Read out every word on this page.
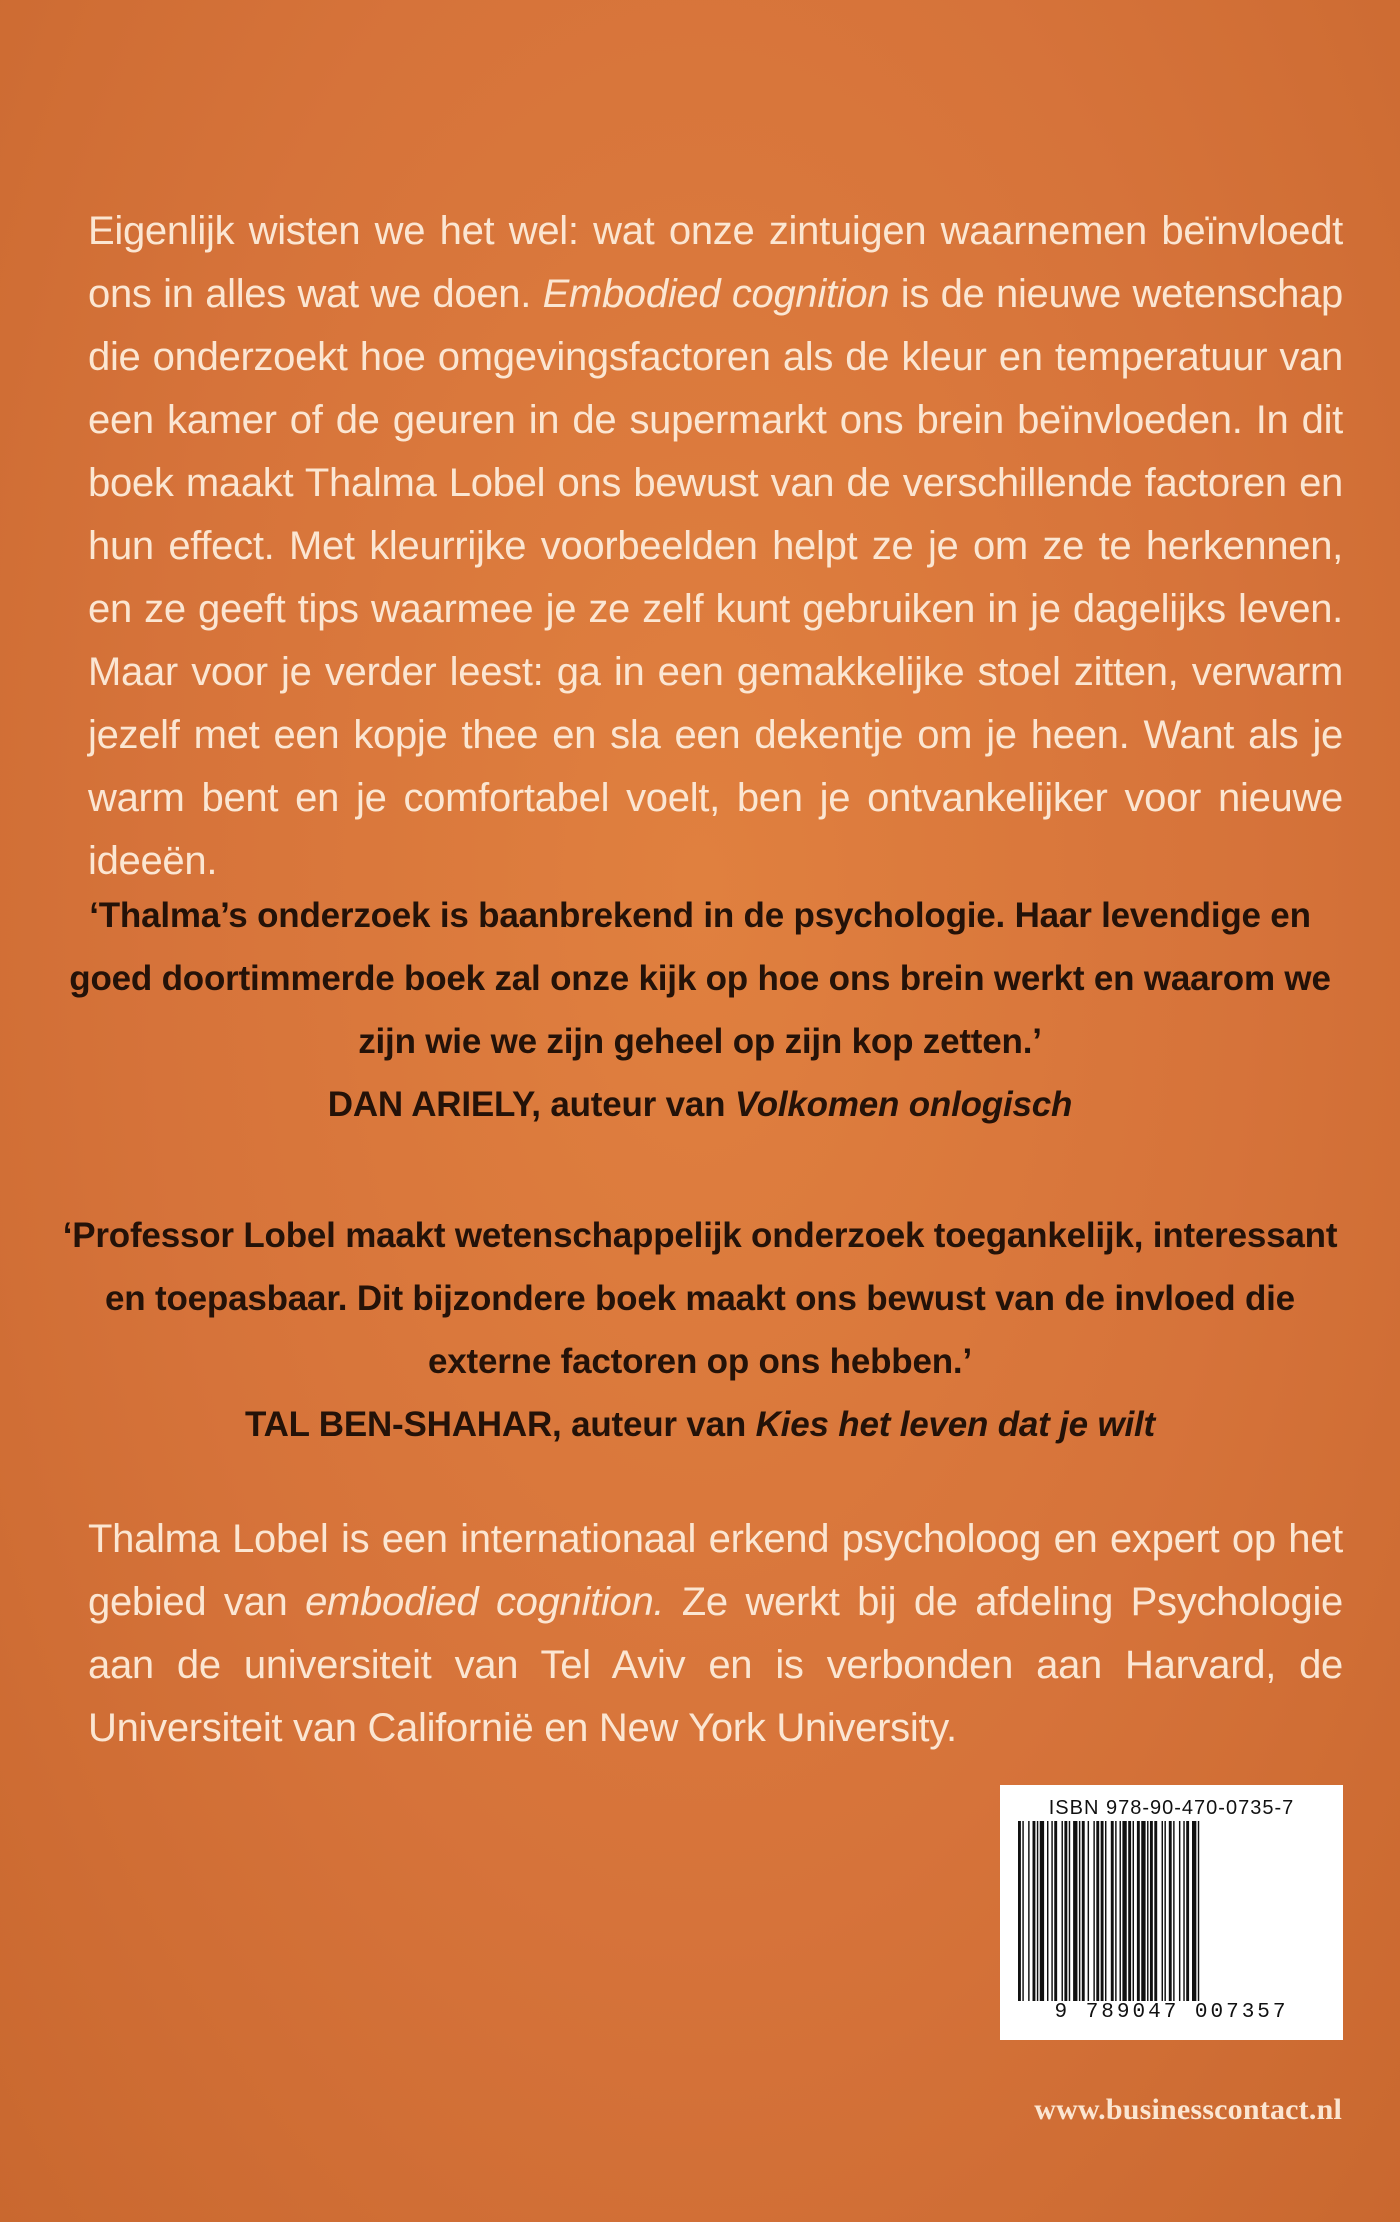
Eigenlijk wisten we het wel: wat onze zintuigen waarnemen beïnvloedt ons in alles wat we doen. Embodied cognition is de nieuwe wetenschap die onderzoekt hoe omgevingsfactoren als de kleur en temperatuur van een kamer of de geuren in de supermarkt ons brein beïnvloeden. In dit boek maakt Thalma Lobel ons bewust van de verschillende factoren en hun effect. Met kleurrijke voorbeelden helpt ze je om ze te herkennen, en ze geeft tips waarmee je ze zelf kunt gebruiken in je dagelijks leven. Maar voor je verder leest: ga in een gemakkelijke stoel zitten, verwarm jezelf met een kopje thee en sla een dekentje om je heen. Want als je warm bent en je comfortabel voelt, ben je ontvankelijker voor nieuwe ideeën.

‘Thalma’s onderzoek is baanbrekend in de psychologie. Haar levendige en goed doortimmerde boek zal onze kijk op hoe ons brein werkt en waarom we zijn wie we zijn geheel op zijn kop zetten.’
DAN ARIELY, auteur van Volkomen onlogisch

‘Professor Lobel maakt wetenschappelijk onderzoek toegankelijk, interessant en toepasbaar. Dit bijzondere boek maakt ons bewust van de invloed die externe factoren op ons hebben.’
TAL BEN-SHAHAR, auteur van Kies het leven dat je wilt

Thalma Lobel is een internationaal erkend psycholoog en expert op het gebied van embodied cognition. Ze werkt bij de afdeling Psychologie aan de universiteit van Tel Aviv en is verbonden aan Harvard, de Universiteit van Californië en New York University.

ISBN 978-90-470-0735-7
9 789047 007357
www.businesscontact.nl
